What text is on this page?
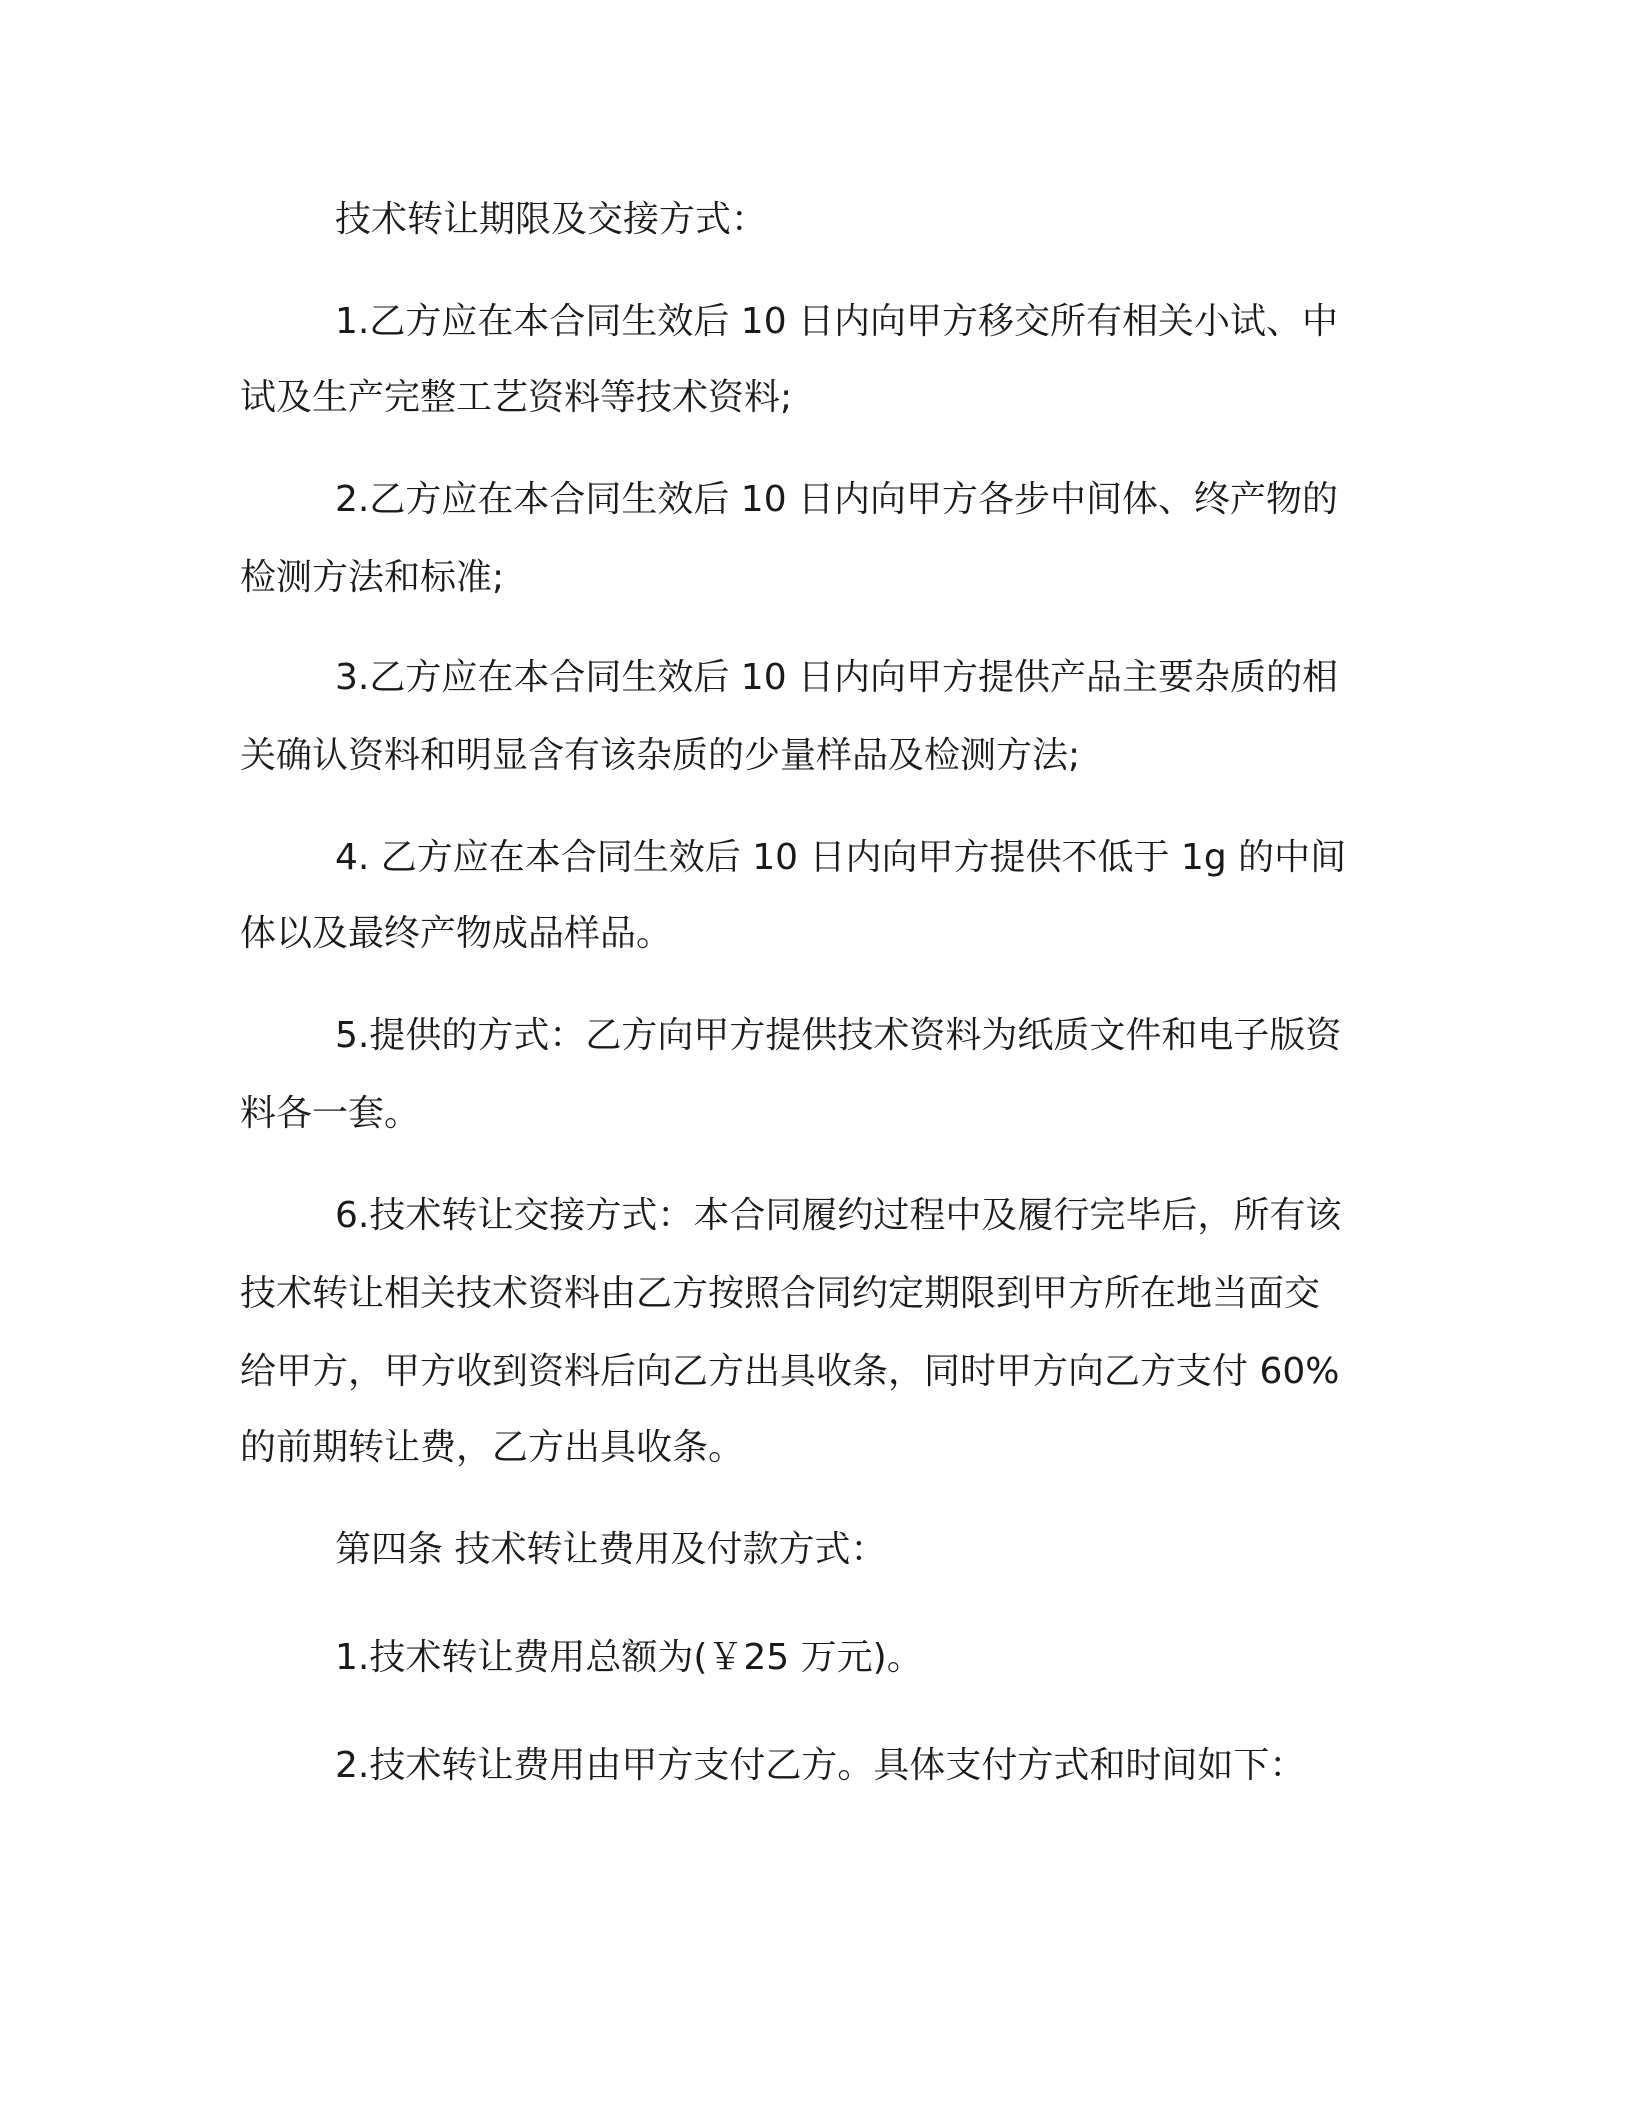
技术转让期限及交接方式：
1.乙方应在本合同生效后 10 日内向甲方移交所有相关小试、中
试及生产完整工艺资料等技术资料;
2.乙方应在本合同生效后 10 日内向甲方各步中间体、终产物的
检测方法和标准;
3.乙方应在本合同生效后 10 日内向甲方提供产品主要杂质的相
关确认资料和明显含有该杂质的少量样品及检测方法;
4. 乙方应在本合同生效后 10 日内向甲方提供不低于 1g 的中间
体以及最终产物成品样品。
5.提供的方式：乙方向甲方提供技术资料为纸质文件和电子版资
料各一套。
6.技术转让交接方式：本合同履约过程中及履行完毕后，所有该
技术转让相关技术资料由乙方按照合同约定期限到甲方所在地当面交
给甲方，甲方收到资料后向乙方出具收条，同时甲方向乙方支付 60%
的前期转让费，乙方出具收条。
第四条 技术转让费用及付款方式：
1.技术转让费用总额为(￥25 万元)。
2.技术转让费用由甲方支付乙方。具体支付方式和时间如下：
